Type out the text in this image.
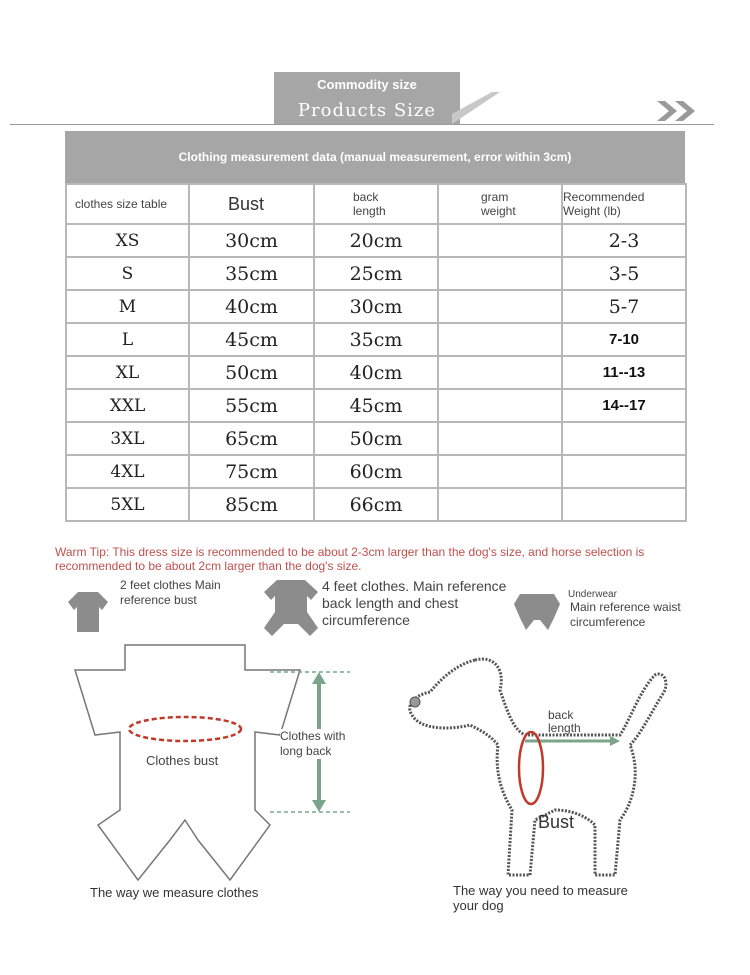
Commodity size
Products Size
Clothing measurement data (manual measurement, error within 3cm)
clothes size table	Bust	back length	gram weight	Recommended Weight (lb)

XS	30cm	20cm		2-3
S	35cm	25cm		3-5
M	40cm	30cm		5-7
L	45cm	35cm		7-10
XL	50cm	40cm		11--13
XXL	55cm	45cm		14--17
3XL	65cm	50cm		
4XL	75cm	60cm		
5XL	85cm	66cm		
Warm Tip: This dress size is recommended to be about 2-3cm larger than the dog's size, and horse selection is recommended to be about 2cm larger than the dog's size.
2 feet clothes Main reference bust
4 feet clothes. Main reference back length and chest circumference
Underwear
Main reference waist circumference
Clothes bust
Clothes with long back
The way we measure clothes
back length
Bust
The way you need to measure your dog
